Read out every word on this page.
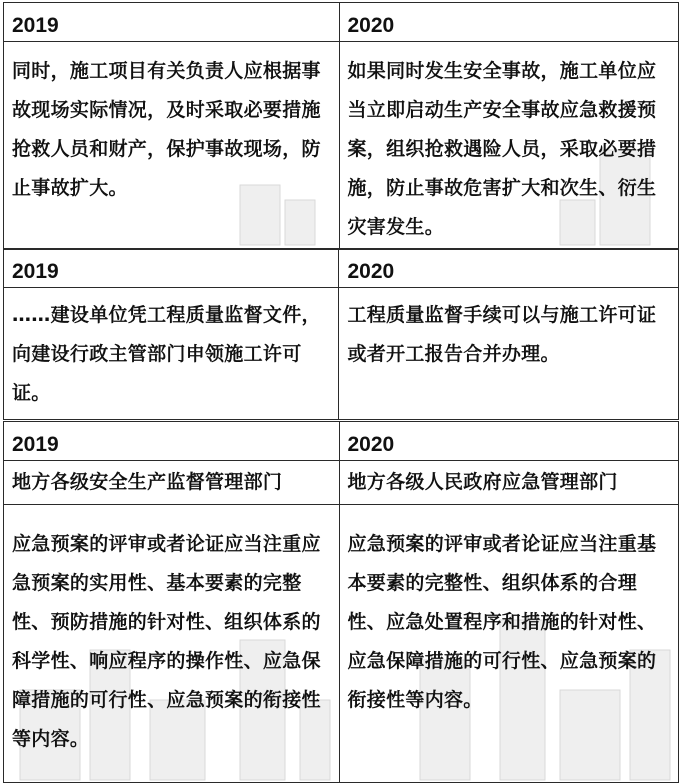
2019	2020
同时，施工项目有关负责人应根据事故现场实际情况，及时采取必要措施抢救人员和财产，保护事故现场，防止事故扩大。	如果同时发生安全事故，施工单位应当立即启动生产安全事故应急救援预案，组织抢救遇险人员，采取必要措施，防止事故危害扩大和次生、衍生灾害发生。
2019	2020
……建设单位凭工程质量监督文件，向建设行政主管部门申领施工许可证。	工程质量监督手续可以与施工许可证或者开工报告合并办理。
2019	2020
地方各级安全生产监督管理部门	地方各级人民政府应急管理部门
应急预案的评审或者论证应当注重应急预案的实用性、基本要素的完整性、预防措施的针对性、组织体系的科学性、响应程序的操作性、应急保障措施的可行性、应急预案的衔接性等内容。	应急预案的评审或者论证应当注重基本要素的完整性、组织体系的合理性、应急处置程序和措施的针对性、应急保障措施的可行性、应急预案的衔接性等内容。
